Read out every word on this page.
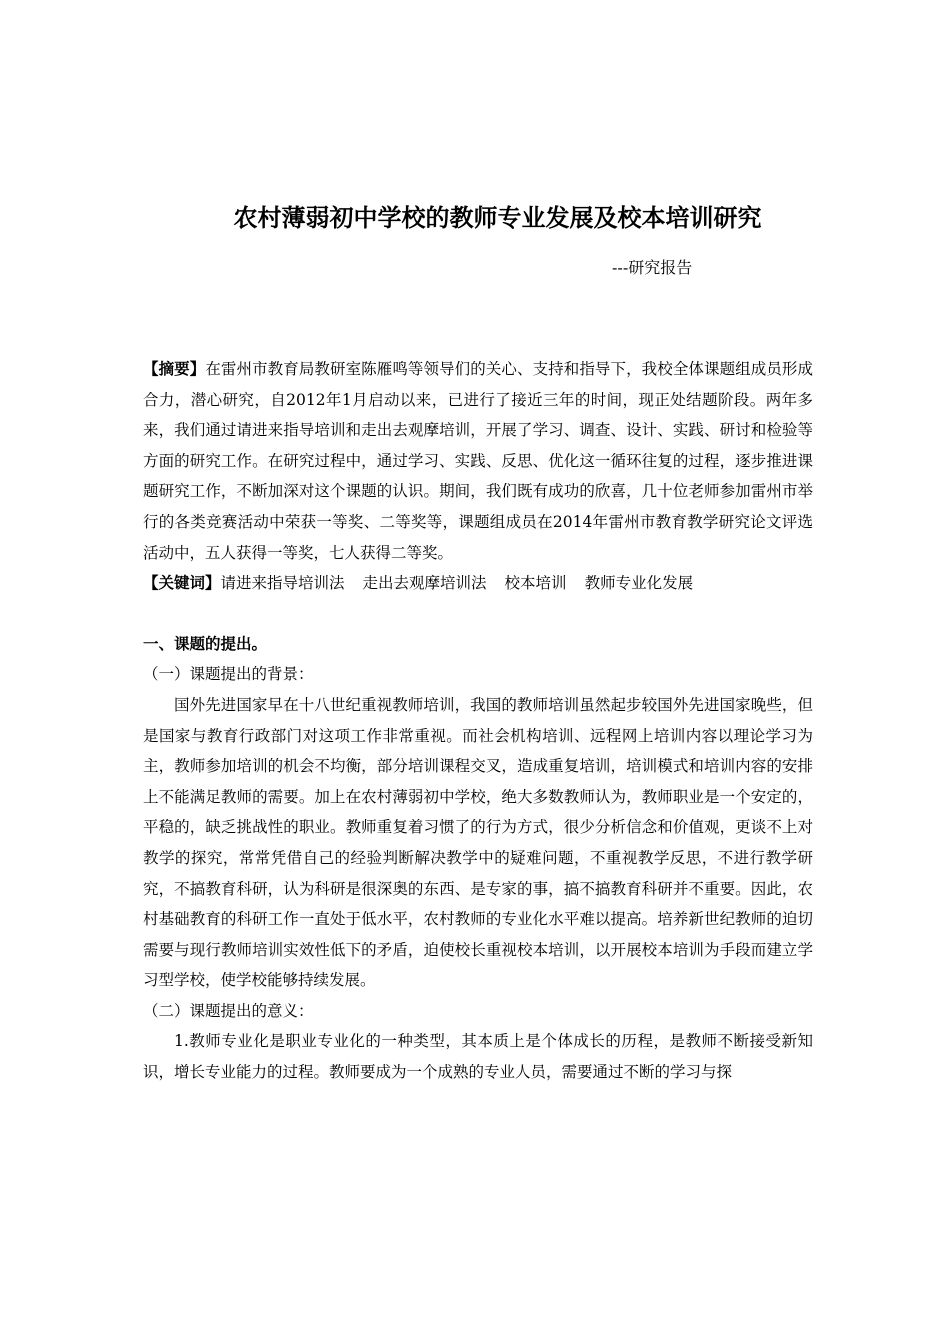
农村薄弱初中学校的教师专业发展及校本培训研究
---研究报告

【摘要】在雷州市教育局教研室陈雁鸣等领导们的关心、支持和指导下，我校全体课题组成员形成合力，潜心研究，自2012年1月启动以来，已进行了接近三年的时间，现正处结题阶段。两年多来，我们通过请进来指导培训和走出去观摩培训，开展了学习、调查、设计、实践、研讨和检验等方面的研究工作。在研究过程中，通过学习、实践、反思、优化这一循环往复的过程，逐步推进课题研究工作，不断加深对这个课题的认识。期间，我们既有成功的欣喜，几十位老师参加雷州市举行的各类竞赛活动中荣获一等奖、二等奖等，课题组成员在2014年雷州市教育教学研究论文评选活动中，五人获得一等奖，七人获得二等奖。

【关键词】请进来指导培训法 走出去观摩培训法 校本培训 教师专业化发展

一、课题的提出。

（一）课题提出的背景：

国外先进国家早在十八世纪重视教师培训，我国的教师培训虽然起步较国外先进国家晚些，但是国家与教育行政部门对这项工作非常重视。而社会机构培训、远程网上培训内容以理论学习为主，教师参加培训的机会不均衡，部分培训课程交叉，造成重复培训，培训模式和培训内容的安排上不能满足教师的需要。加上在农村薄弱初中学校，绝大多数教师认为，教师职业是一个安定的，平稳的，缺乏挑战性的职业。教师重复着习惯了的行为方式，很少分析信念和价值观，更谈不上对教学的探究，常常凭借自己的经验判断解决教学中的疑难问题，不重视教学反思，不进行教学研究，不搞教育科研，认为科研是很深奥的东西、是专家的事，搞不搞教育科研并不重要。因此，农村基础教育的科研工作一直处于低水平，农村教师的专业化水平难以提高。培养新世纪教师的迫切需要与现行教师培训实效性低下的矛盾，迫使校长重视校本培训，以开展校本培训为手段而建立学习型学校，使学校能够持续发展。

（二）课题提出的意义：

1.教师专业化是职业专业化的一种类型，其本质上是个体成长的历程，是教师不断接受新知识，增长专业能力的过程。教师要成为一个成熟的专业人员，需要通过不断的学习与探
